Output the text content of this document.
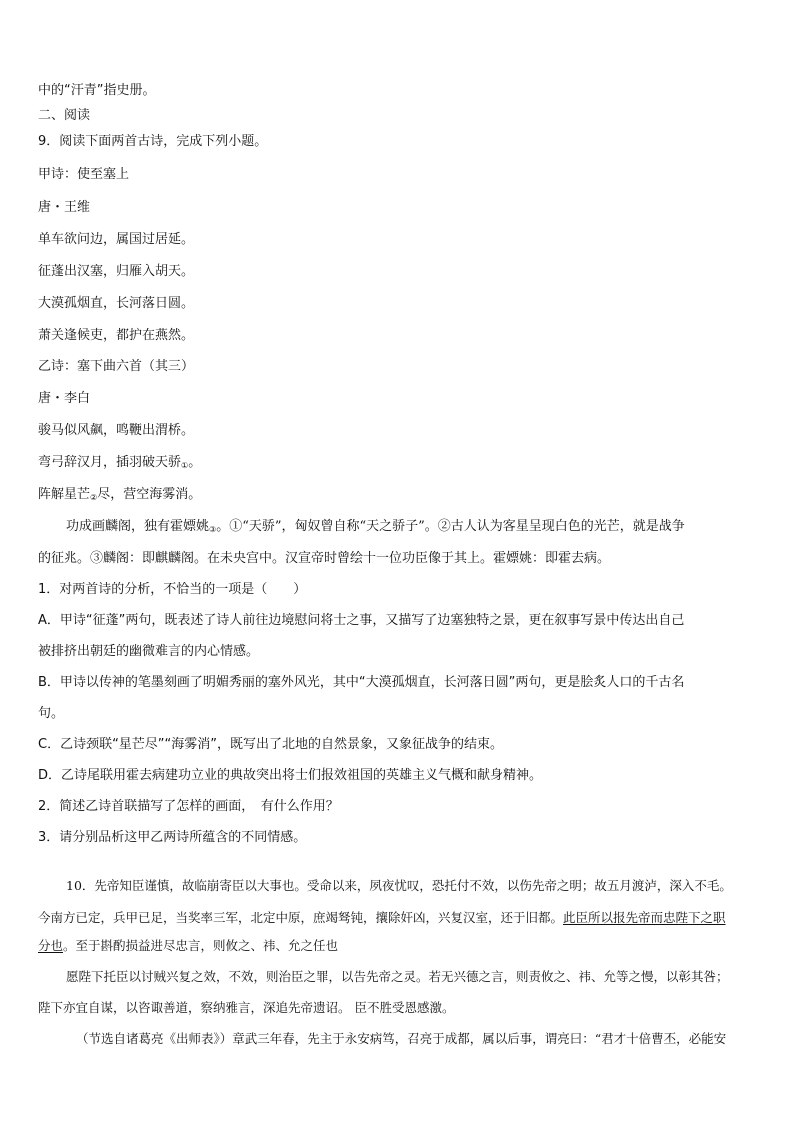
中的“汗青”指史册。
二、阅读
9．阅读下面两首古诗，完成下列小题。
甲诗：使至塞上
唐・王维
单车欲问边，属国过居延。
征蓬出汉塞，归雁入胡天。
大漠孤烟直，长河落日圆。
萧关逢候吏，都护在燕然。
乙诗：塞下曲六首（其三）
唐・李白
骏马似风飙，鸣鞭出渭桥。
弯弓辞汉月，插羽破天骄$_①$。
阵解星芒$_②$尽，营空海雾消。
功成画麟阁，独有霍嫖姚$_③$。①“天骄”，匈奴曾自称“天之骄子”。②古人认为客星呈现白色的光芒，就是战争
的征兆。③麟阁：即麒麟阁。在未央宫中。汉宣帝时曾绘十一位功臣像于其上。霍嫖姚：即霍去病。
1．对两首诗的分析，不恰当的一项是（　　）
A．甲诗“征蓬”两句，既表述了诗人前往边境慰问将士之事，又描写了边塞独特之景，更在叙事写景中传达出自己
被排挤出朝廷的幽微难言的内心情感。
B．甲诗以传神的笔墨刻画了明媚秀丽的塞外风光，其中“大漠孤烟直，长河落日圆”两句，更是脍炙人口的千古名
句。
C．乙诗颈联“星芒尽”“海雾消”，既写出了北地的自然景象，又象征战争的结束。
D．乙诗尾联用霍去病建功立业的典故突出将士们报效祖国的英雄主义气概和献身精神。
2．简述乙诗首联描写了怎样的画面，　有什么作用？
3．请分别品析这甲乙两诗所蕴含的不同情感。
10．先帝知臣谨慎，故临崩寄臣以大事也。受命以来，夙夜忧叹，恐托付不效，以伤先帝之明；故五月渡泸，深入不毛。
今南方已定，兵甲已足，当奖率三军，北定中原，庶竭驽钝，攘除奸凶，兴复汉室，还于旧都。此臣所以报先帝而忠陛下之职
分也。至于斟酌损益进尽忠言，则攸之、祎、允之任也
愿陛下托臣以讨贼兴复之效，不效，则治臣之罪，以告先帝之灵。若无兴德之言，则责攸之、祎、允等之慢，以彰其咎；
陛下亦宜自谋，以咨诹善道，察纳雅言，深追先帝遗诏。 臣不胜受恩感激。
（节选自诸葛亮《出师表》）章武三年春，先主于永安病笃，召亮于成都，属以后事，谓亮曰：“君才十倍曹丕，必能安
